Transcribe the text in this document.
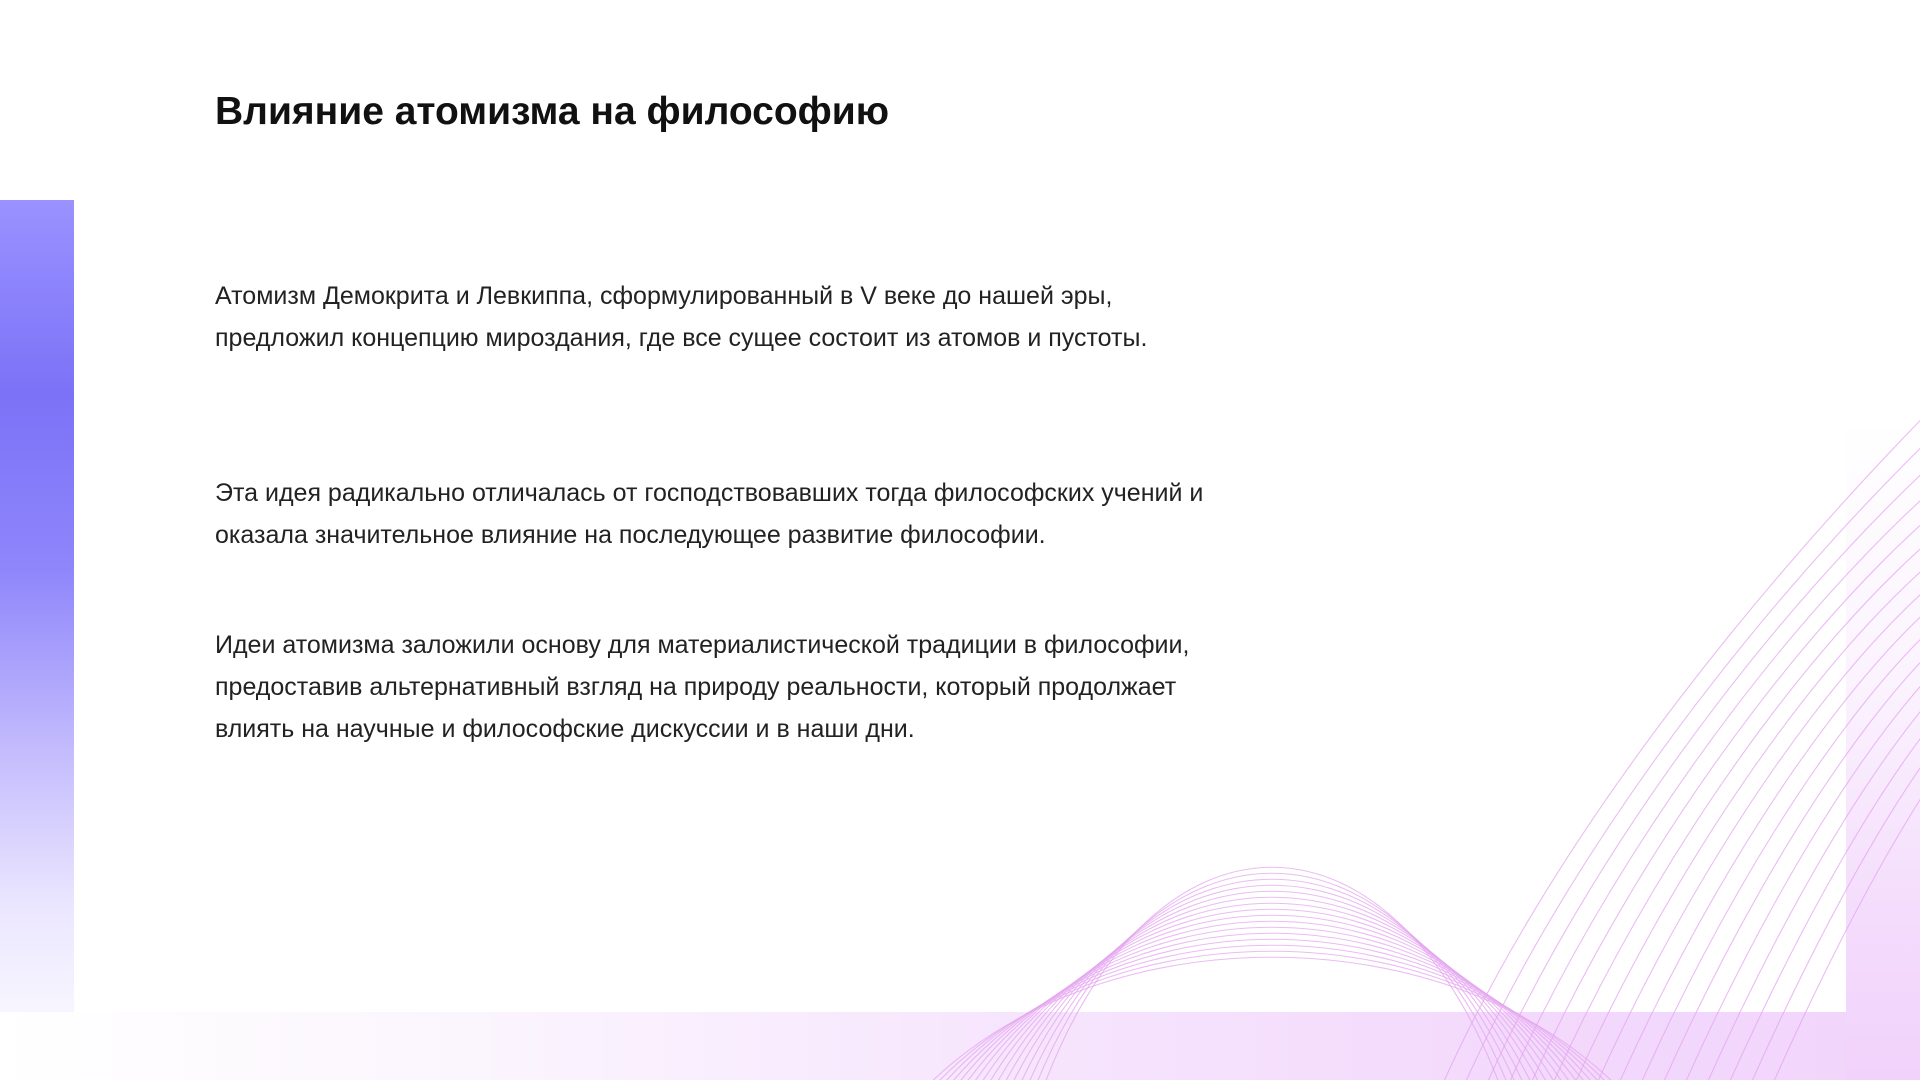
Влияние атомизма на философию

Атомизм Демокрита и Левкиппа, сформулированный в V веке до нашей эры, предложил концепцию мироздания, где все сущее состоит из атомов и пустоты.

Эта идея радикально отличалась от господствовавших тогда философских учений и оказала значительное влияние на последующее развитие философии.

Идеи атомизма заложили основу для материалистической традиции в философии, предоставив альтернативный взгляд на природу реальности, который продолжает влиять на научные и философские дискуссии и в наши дни.
